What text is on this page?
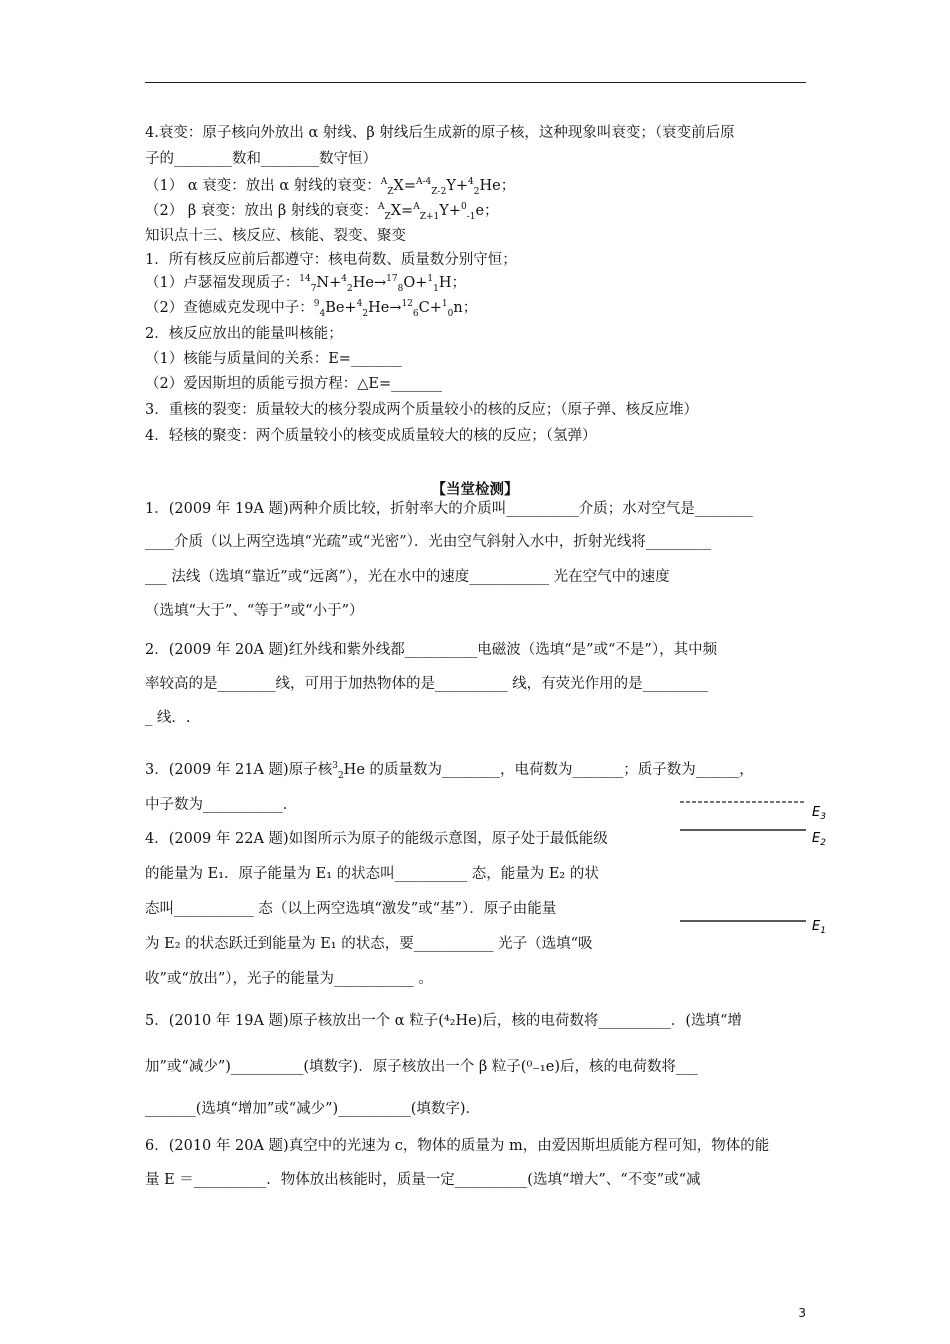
4.衰变：原子核向外放出 α 射线、β 射线后生成新的原子核，这种现象叫衰变；（衰变前后原
子的________数和________数守恒）
（1） α 衰变：放出 α 射线的衰变：$^A_Z$X=$^{A-4}_{Z-2}$Y+$^4_2$He；
（2） β 衰变：放出 β 射线的衰变：$^A_Z$X=$^A_{Z+1}$Y+$^0_{-1}$e；
知识点十三、核反应、核能、裂变、聚变
1．所有核反应前后都遵守：核电荷数、质量数分别守恒；
（1）卢瑟福发现质子：$^{14}_7$N+$^4_2$He→$^{17}_8$O+$^1_1$H；
（2）查德威克发现中子：$^9_4$Be+$^4_2$He→$^{12}_6$C+$^1_0$n；
2．核反应放出的能量叫核能；
（1）核能与质量间的关系：E=_______
（2）爱因斯坦的质能亏损方程：△E=_______
3．重核的裂变：质量较大的核分裂成两个质量较小的核的反应；（原子弹、核反应堆）
4．轻核的聚变：两个质量较小的核变成质量较大的核的反应；（氢弹）
【当堂检测】
1．(2009 年 19A 题)两种介质比较，折射率大的介质叫__________介质；水对空气是________
____介质（以上两空选填“光疏”或“光密”）．光由空气斜射入水中，折射光线将_________
___ 法线（选填“靠近”或“远离”），光在水中的速度___________ 光在空气中的速度
（选填“大于”、“等于”或“小于”）
2．(2009 年 20A 题)红外线和紫外线都__________电磁波（选填“是”或“不是”），其中频
率较高的是________线，可用于加热物体的是__________ 线，有荧光作用的是_________
_ 线．.
3．(2009 年 21A 题)原子核$^3_2$He 的质量数为________，电荷数为_______；质子数为______，
中子数为___________．
4．(2009 年 22A 题)如图所示为原子的能级示意图，原子处于最低能级
的能量为 E₁．原子能量为 E₁ 的状态叫__________ 态，能量为 E₂ 的状
态叫___________ 态（以上两空选填“激发”或“基”）．原子由能量
为 E₂ 的状态跃迁到能量为 E₁ 的状态，要___________ 光子（选填“吸
收”或“放出”），光子的能量为___________ 。
$E_3$
$E_2$
$E_1$
5．(2010 年 19A 题)原子核放出一个 α 粒子(⁴₂He)后，核的电荷数将__________．(选填“增
加”或“减少”)__________(填数字)．原子核放出一个 β 粒子(⁰₋₁e)后，核的电荷数将___
_______(选填“增加”或“减少”)__________(填数字)．
6．(2010 年 20A 题)真空中的光速为 c，物体的质量为 m，由爱因斯坦质能方程可知，物体的能
量 E ＝__________．物体放出核能时，质量一定__________(选填“增大”、“不变”或“减
3
